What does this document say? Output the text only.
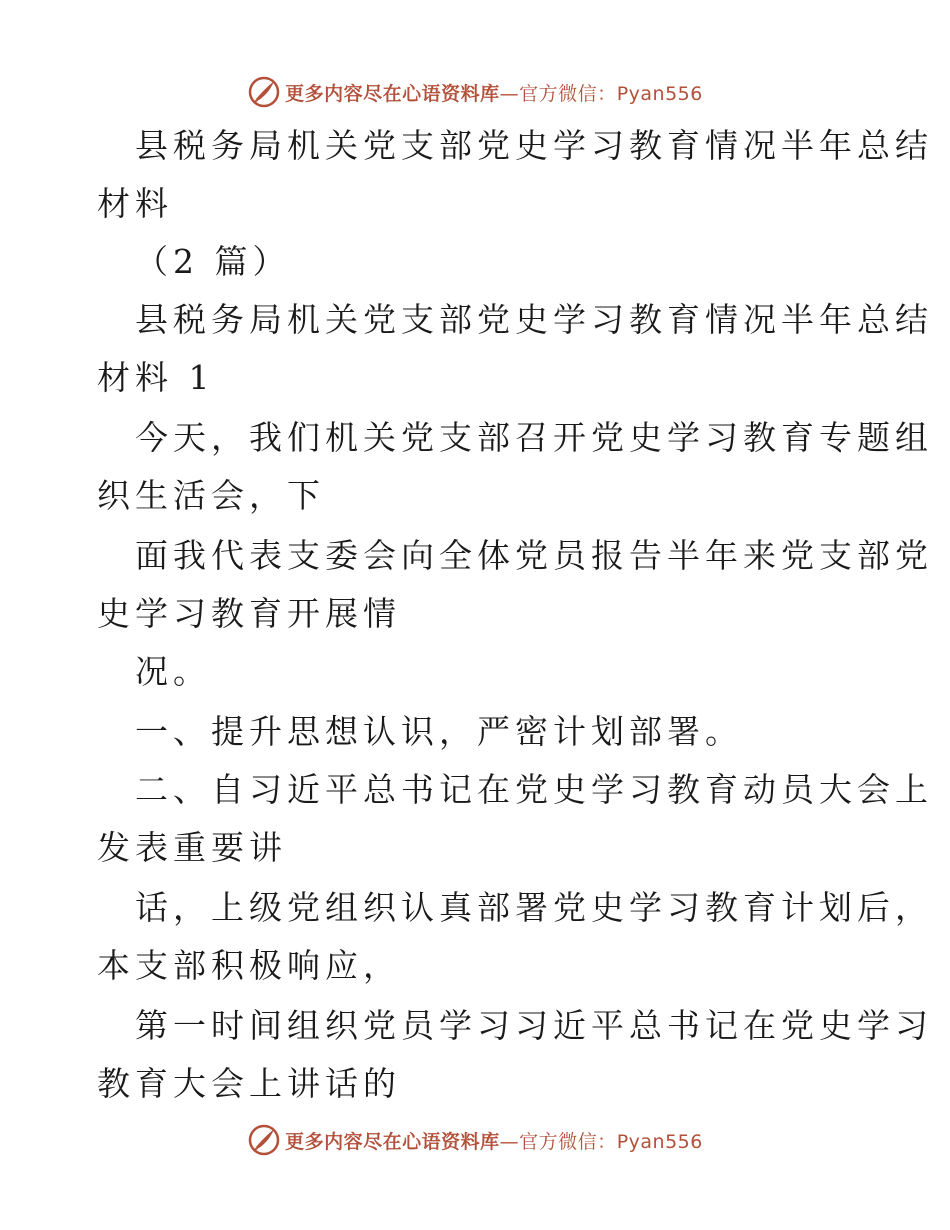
更多内容尽在心语资料库—官方微信：Pyan556
县税务局机关党支部党史学习教育情况半年总结
材料
（2 篇）
县税务局机关党支部党史学习教育情况半年总结
材料 1
今天，我们机关党支部召开党史学习教育专题组
织生活会，下
面我代表支委会向全体党员报告半年来党支部党
史学习教育开展情
况。
一、提升思想认识，严密计划部署。
二、自习近平总书记在党史学习教育动员大会上
发表重要讲
话，上级党组织认真部署党史学习教育计划后，
本支部积极响应，
第一时间组织党员学习习近平总书记在党史学习
教育大会上讲话的
更多内容尽在心语资料库—官方微信：Pyan556
